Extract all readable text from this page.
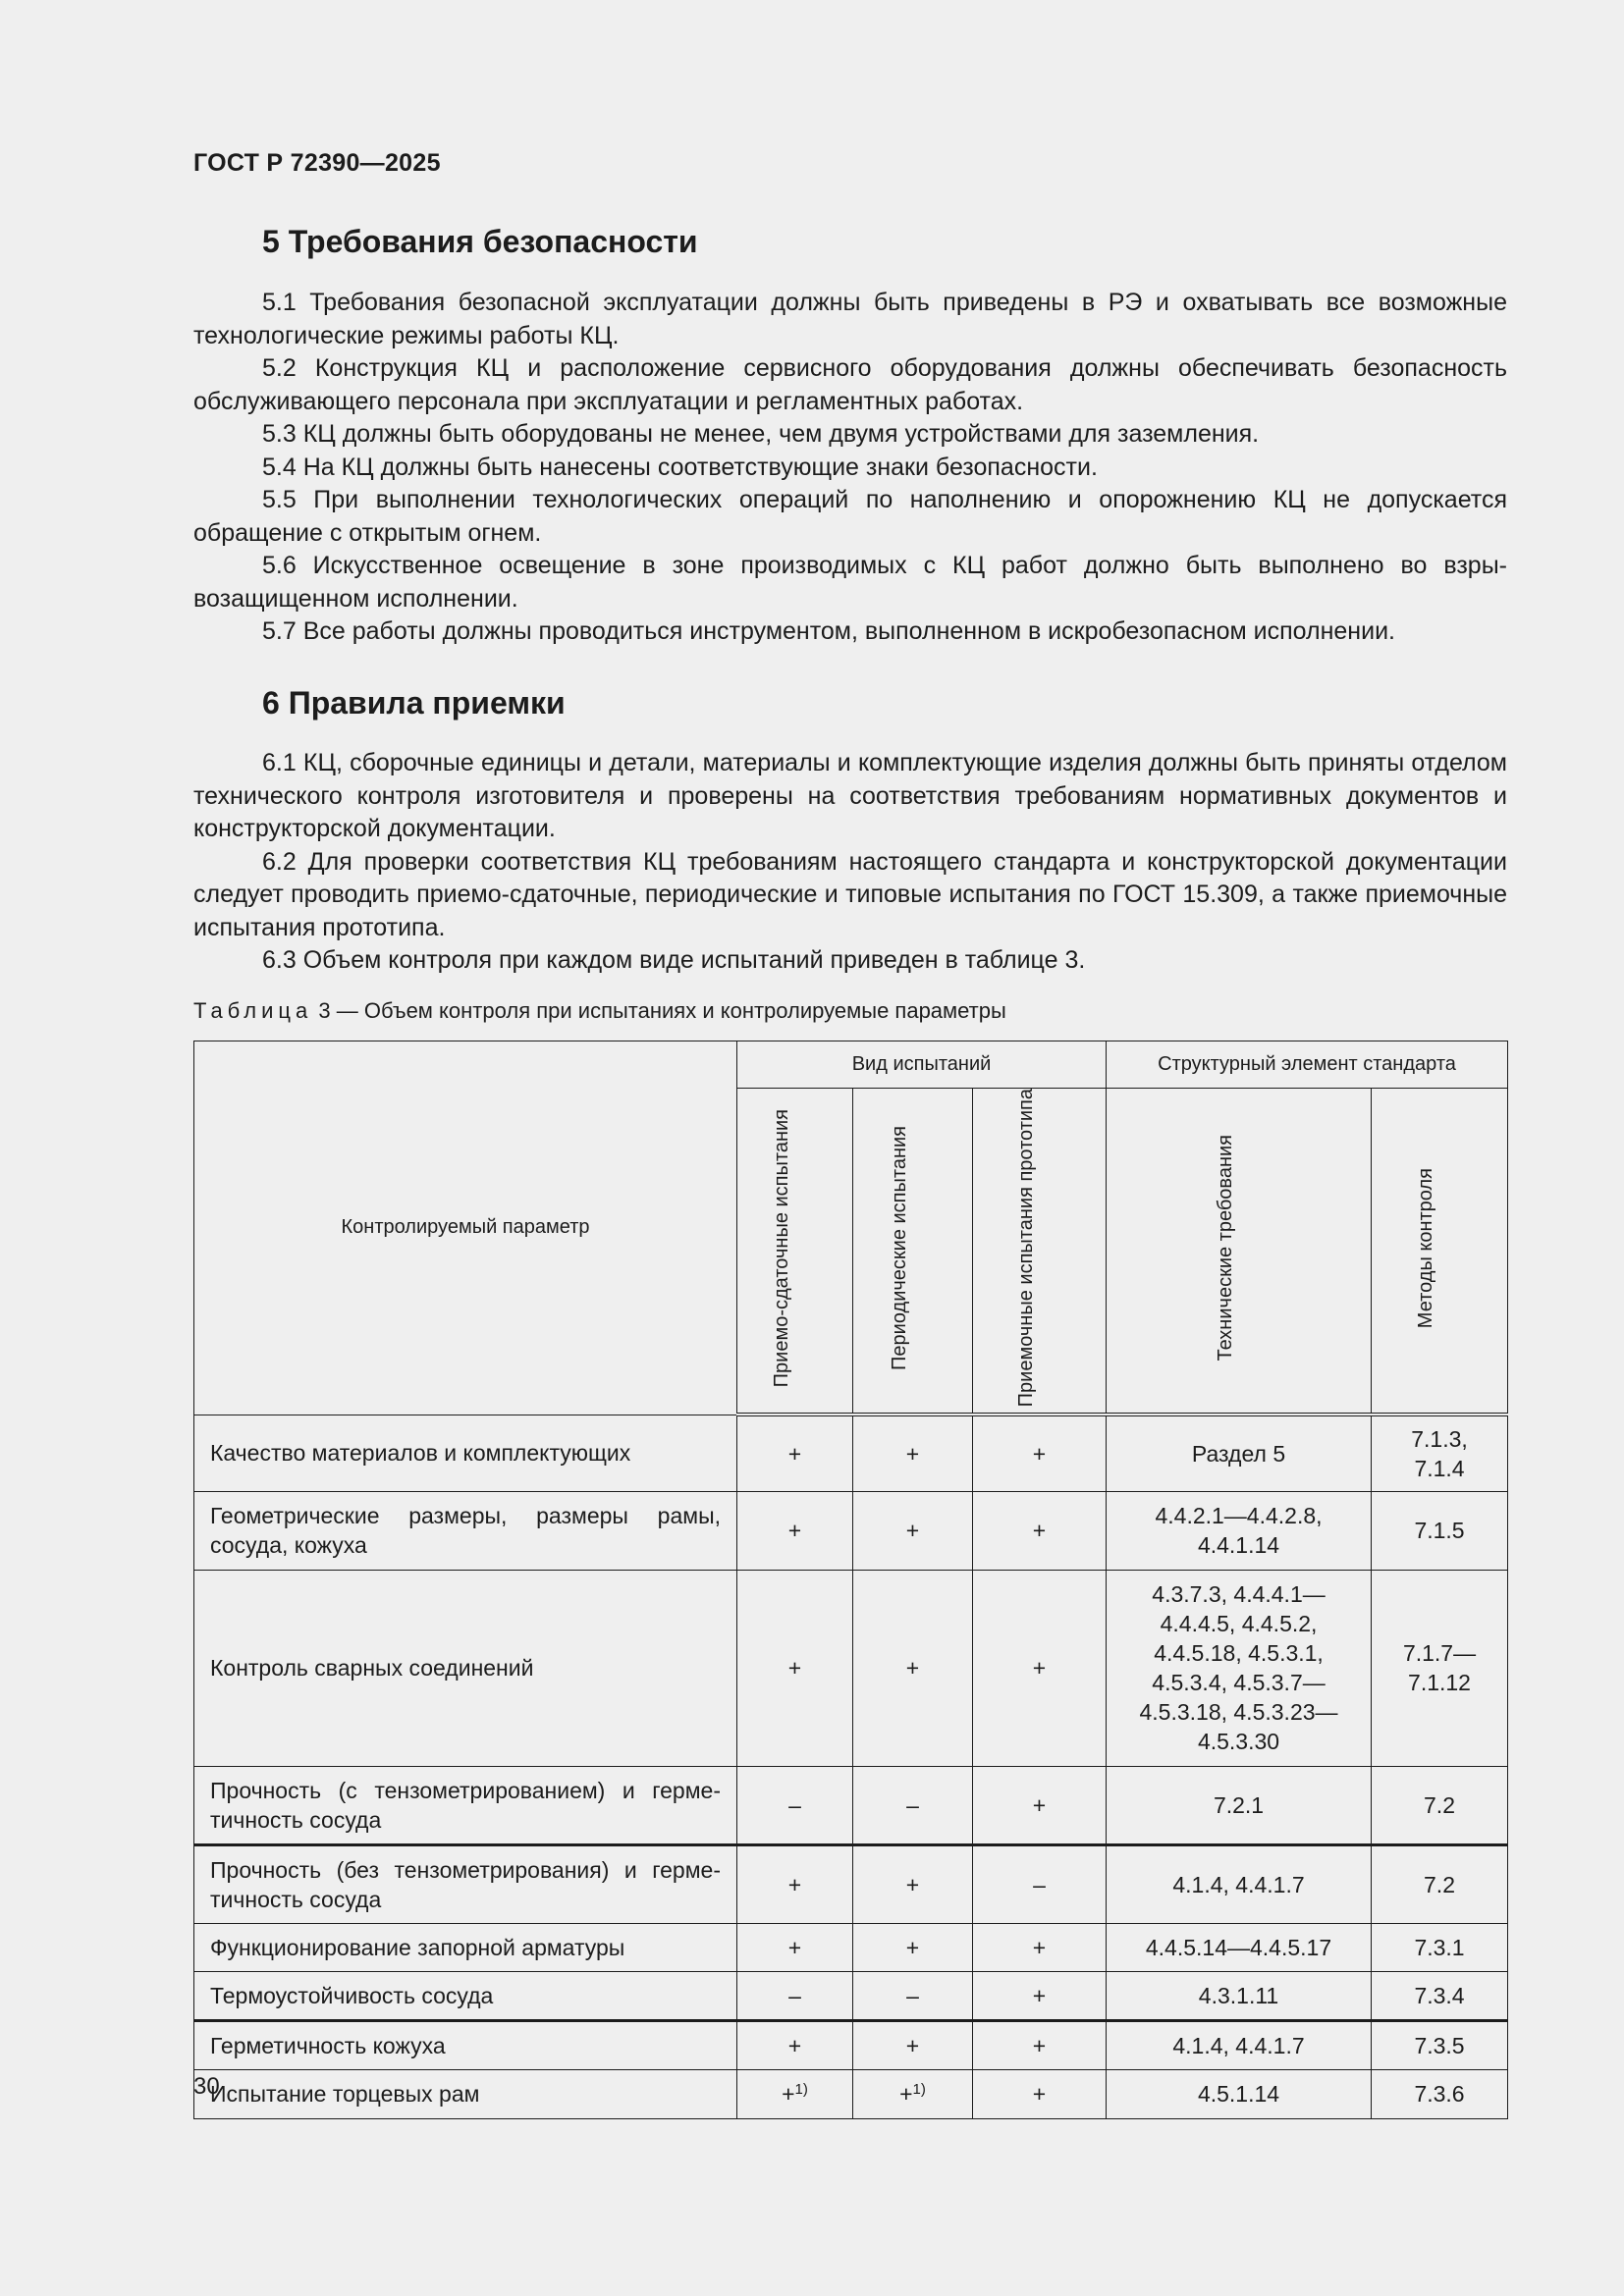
ГОСТ Р 72390—2025
5 Требования безопасности

5.1 Требования безопасной эксплуатации должны быть приведены в РЭ и охватывать все возможные технологические режимы работы КЦ.

5.2 Конструкция КЦ и расположение сервисного оборудования должны обеспечивать безопасность обслуживающего персонала при эксплуатации и регламентных работах.

5.3 КЦ должны быть оборудованы не менее, чем двумя устройствами для заземления.

5.4 На КЦ должны быть нанесены соответствующие знаки безопасности.

5.5 При выполнении технологических операций по наполнению и опорожнению КЦ не допускается обращение с открытым огнем.

5.6 Искусственное освещение в зоне производимых с КЦ работ должно быть выполнено во взрывозащищенном исполнении.

5.7 Все работы должны проводиться инструментом, выполненном в искробезопасном исполнении.

6 Правила приемки

6.1 КЦ, сборочные единицы и детали, материалы и комплектующие изделия должны быть приняты отделом технического контроля изготовителя и проверены на соответствия требованиям нормативных документов и конструкторской документации.

6.2 Для проверки соответствия КЦ требованиям настоящего стандарта и конструкторской документации следует проводить приемо-сдаточные, периодические и типовые испытания по ГОСТ 15.309, а также приемочные испытания прототипа.

6.3 Объем контроля при каждом виде испытаний приведен в таблице 3.

Таблица 3 — Объем контроля при испытаниях и контролируемые параметры
Контролируемый параметр	Вид испытаний			Структурный элемент стандарта	
	Приемо-сдаточные испытания	Периодические испытания	Приемочные испытания прототипа	Технические требования	Методы контроля
Качество материалов и комплектующих	+	+	+	Раздел 5	7.1.3, 7.1.4
Геометрические размеры, размеры рамы, сосуда, кожуха	+	+	+	4.4.2.1—4.4.2.8, 4.4.1.14	7.1.5
Контроль сварных соединений	+	+	+	4.3.7.3, 4.4.4.1—4.4.4.5, 4.4.5.2, 4.4.5.18, 4.5.3.1, 4.5.3.4, 4.5.3.7—4.5.3.18, 4.5.3.23—4.5.3.30	7.1.7— 7.1.12
Прочность (с тензометрированием) и герметичность сосуда	–	–	+	7.2.1	7.2
Прочность (без тензометрирования) и герметичность сосуда	+	+	–	4.1.4, 4.4.1.7	7.2
Функционирование запорной арматуры	+	+	+	4.4.5.14—4.4.5.17	7.3.1
Термоустойчивость сосуда	–	–	+	4.3.1.11	7.3.4
Герметичность кожуха	+	+	+	4.1.4, 4.4.1.7	7.3.5
Испытание торцевых рам	+$^{1)}$	+$^{1)}$	+	4.5.1.14	7.3.6
30
